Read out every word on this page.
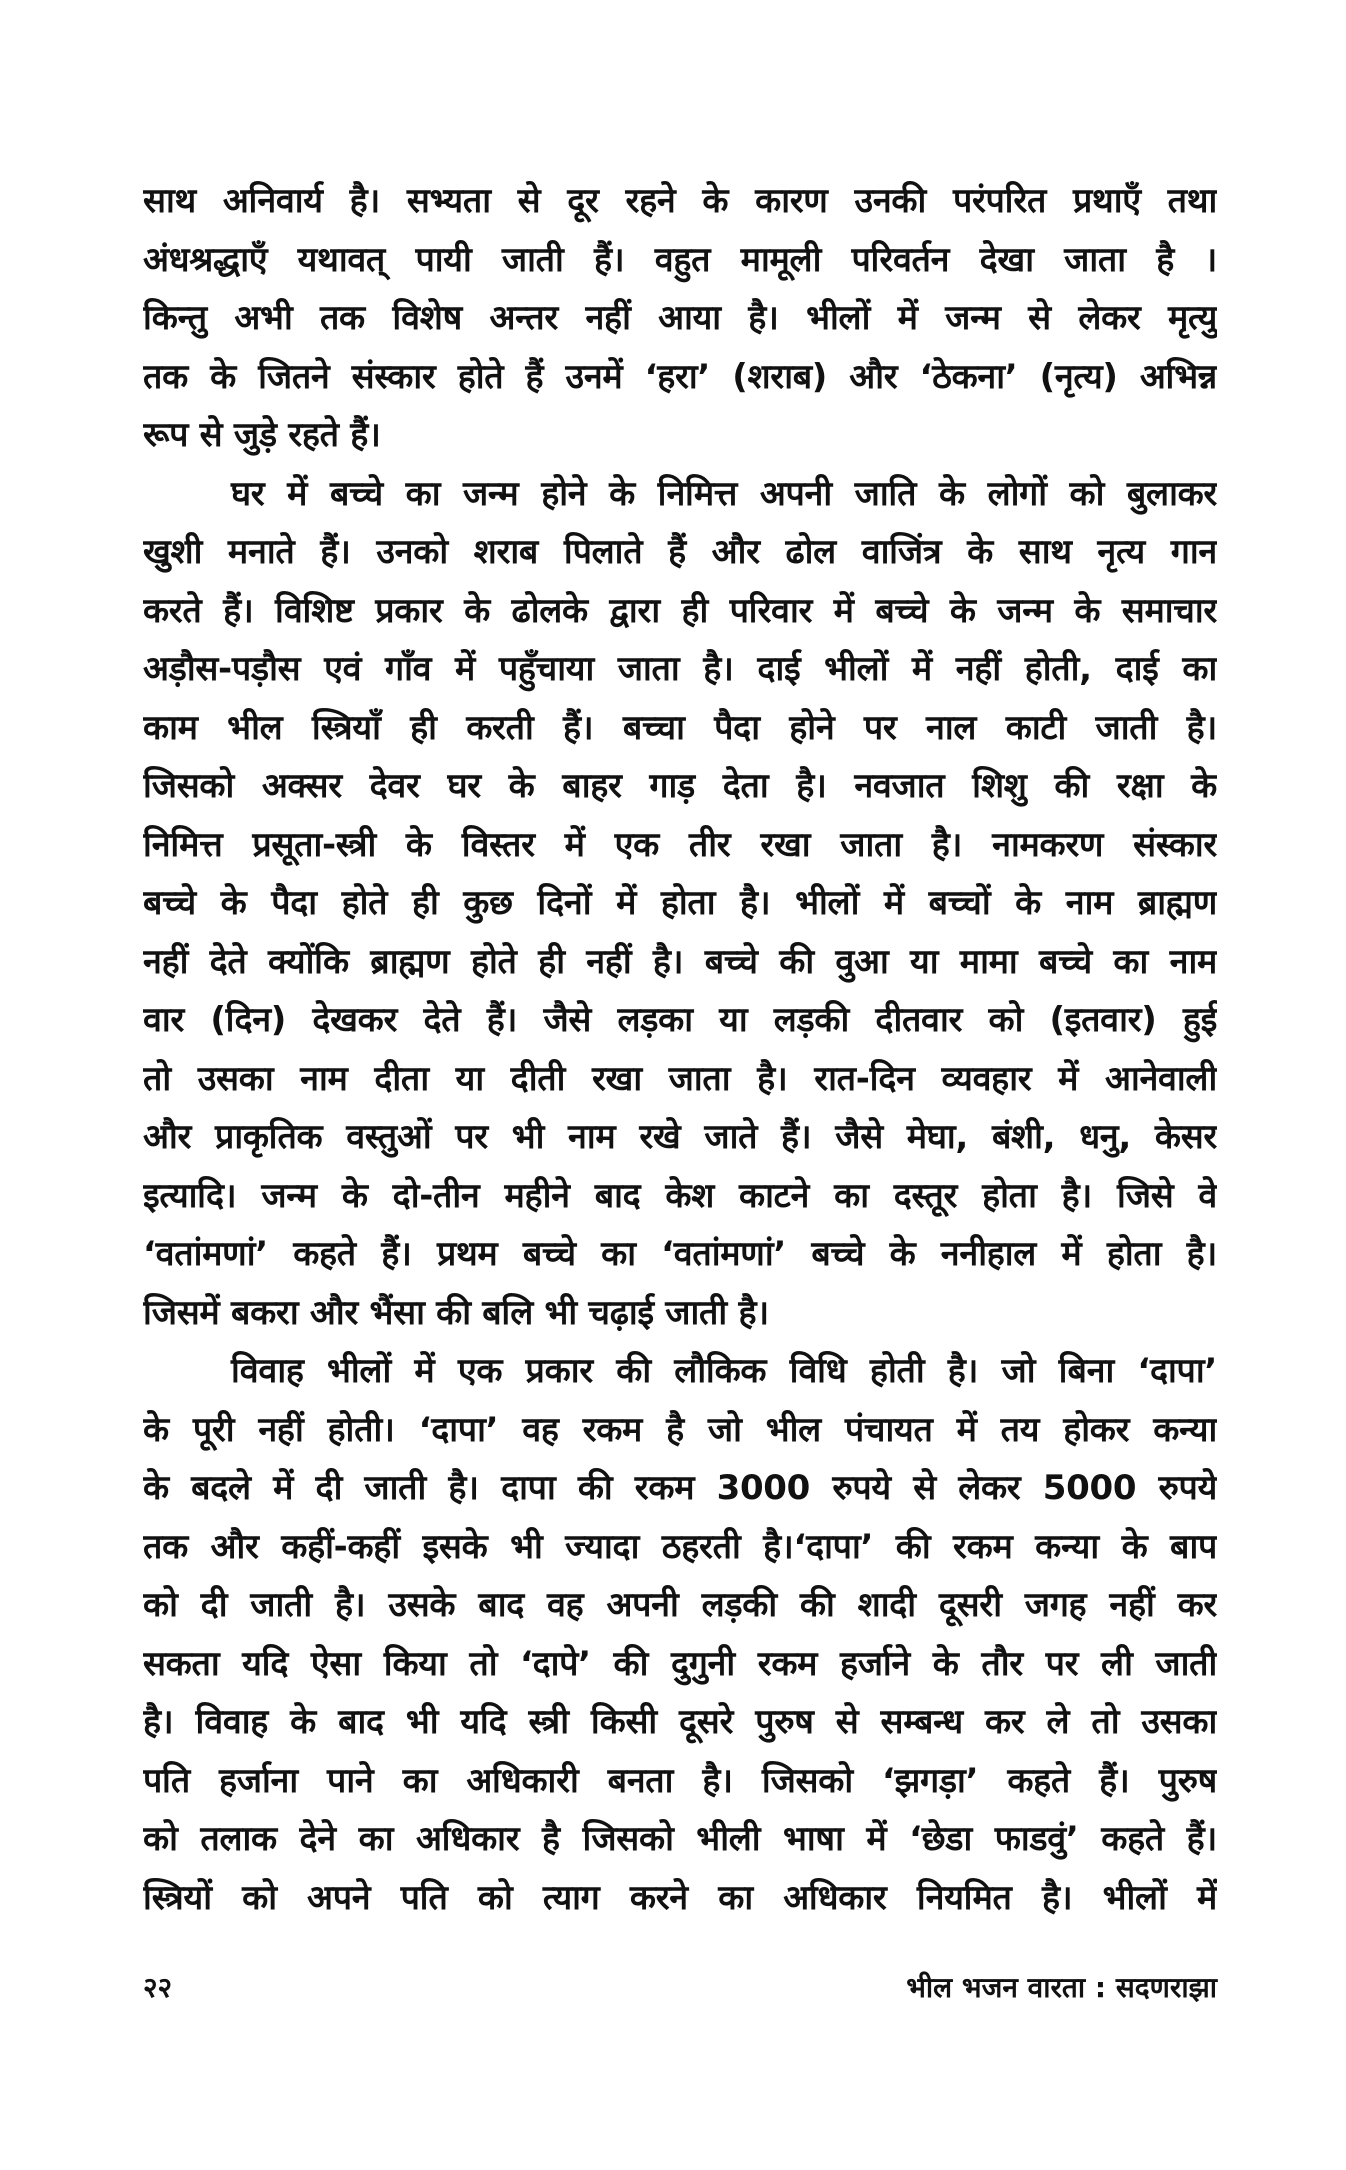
साथ अनिवार्य है। सभ्यता से दूर रहने के कारण उनकी परंपरित प्रथाएँ तथा
अंधश्रद्धाएँ यथावत् पायी जाती हैं। वहुत मामूली परिवर्तन देखा जाता है ।
किन्तु अभी तक विशेष अन्तर नहीं आया है। भीलों में जन्म से लेकर मृत्यु
तक के जितने संस्कार होते हैं उनमें ‘हरा’ (शराब) और ‘ठेकना’ (नृत्य) अभिन्न
रूप से जुड़े रहते हैं।
घर में बच्चे का जन्म होने के निमित्त अपनी जाति के लोगों को बुलाकर
खुशी मनाते हैं। उनको शराब पिलाते हैं और ढोल वाजिंत्र के साथ नृत्य गान
करते हैं। विशिष्ट प्रकार के ढोलके द्वारा ही परिवार में बच्चे के जन्म के समाचार
अड़ौस-पड़ौस एवं गाँव में पहुँचाया जाता है। दाई भीलों में नहीं होती, दाई का
काम भील स्त्रियाँ ही करती हैं। बच्चा पैदा होने पर नाल काटी जाती है।
जिसको अक्सर देवर घर के बाहर गाड़ देता है। नवजात शिशु की रक्षा के
निमित्त प्रसूता-स्त्री के विस्तर में एक तीर रखा जाता है। नामकरण संस्कार
बच्चे के पैदा होते ही कुछ दिनों में होता है। भीलों में बच्चों के नाम ब्राह्मण
नहीं देते क्योंकि ब्राह्मण होते ही नहीं है। बच्चे की वुआ या मामा बच्चे का नाम
वार (दिन) देखकर देते हैं। जैसे लड़का या लड़की दीतवार को (इतवार) हुई
तो उसका नाम दीता या दीती रखा जाता है। रात-दिन व्यवहार में आनेवाली
और प्राकृतिक वस्तुओं पर भी नाम रखे जाते हैं। जैसे मेघा, बंशी, धनु, केसर
इत्यादि। जन्म के दो-तीन महीने बाद केश काटने का दस्तूर होता है। जिसे वे
‘वतांमणां’ कहते हैं। प्रथम बच्चे का ‘वतांमणां’ बच्चे के ननीहाल में होता है।
जिसमें बकरा और भैंसा की बलि भी चढ़ाई जाती है।
विवाह भीलों में एक प्रकार की लौकिक विधि होती है। जो बिना ‘दापा’
के पूरी नहीं होती। ‘दापा’ वह रकम है जो भील पंचायत में तय होकर कन्या
के बदले में दी जाती है। दापा की रकम 3000 रुपये से लेकर 5000 रुपये
तक और कहीं-कहीं इसके भी ज्यादा ठहरती है।‘दापा’ की रकम कन्या के बाप
को दी जाती है। उसके बाद वह अपनी लड़की की शादी दूसरी जगह नहीं कर
सकता यदि ऐसा किया तो ‘दापे’ की दुगुनी रकम हर्जाने के तौर पर ली जाती
है। विवाह के बाद भी यदि स्त्री किसी दूसरे पुरुष से सम्बन्ध कर ले तो उसका
पति हर्जाना पाने का अधिकारी बनता है। जिसको ‘झगड़ा’ कहते हैं। पुरुष
को तलाक देने का अधिकार है जिसको भीली भाषा में ‘छेडा फाडवुं’ कहते हैं।
स्त्रियों को अपने पति को त्याग करने का अधिकार नियमित है। भीलों में
२२	भील भजन वारता : सदणराझा
